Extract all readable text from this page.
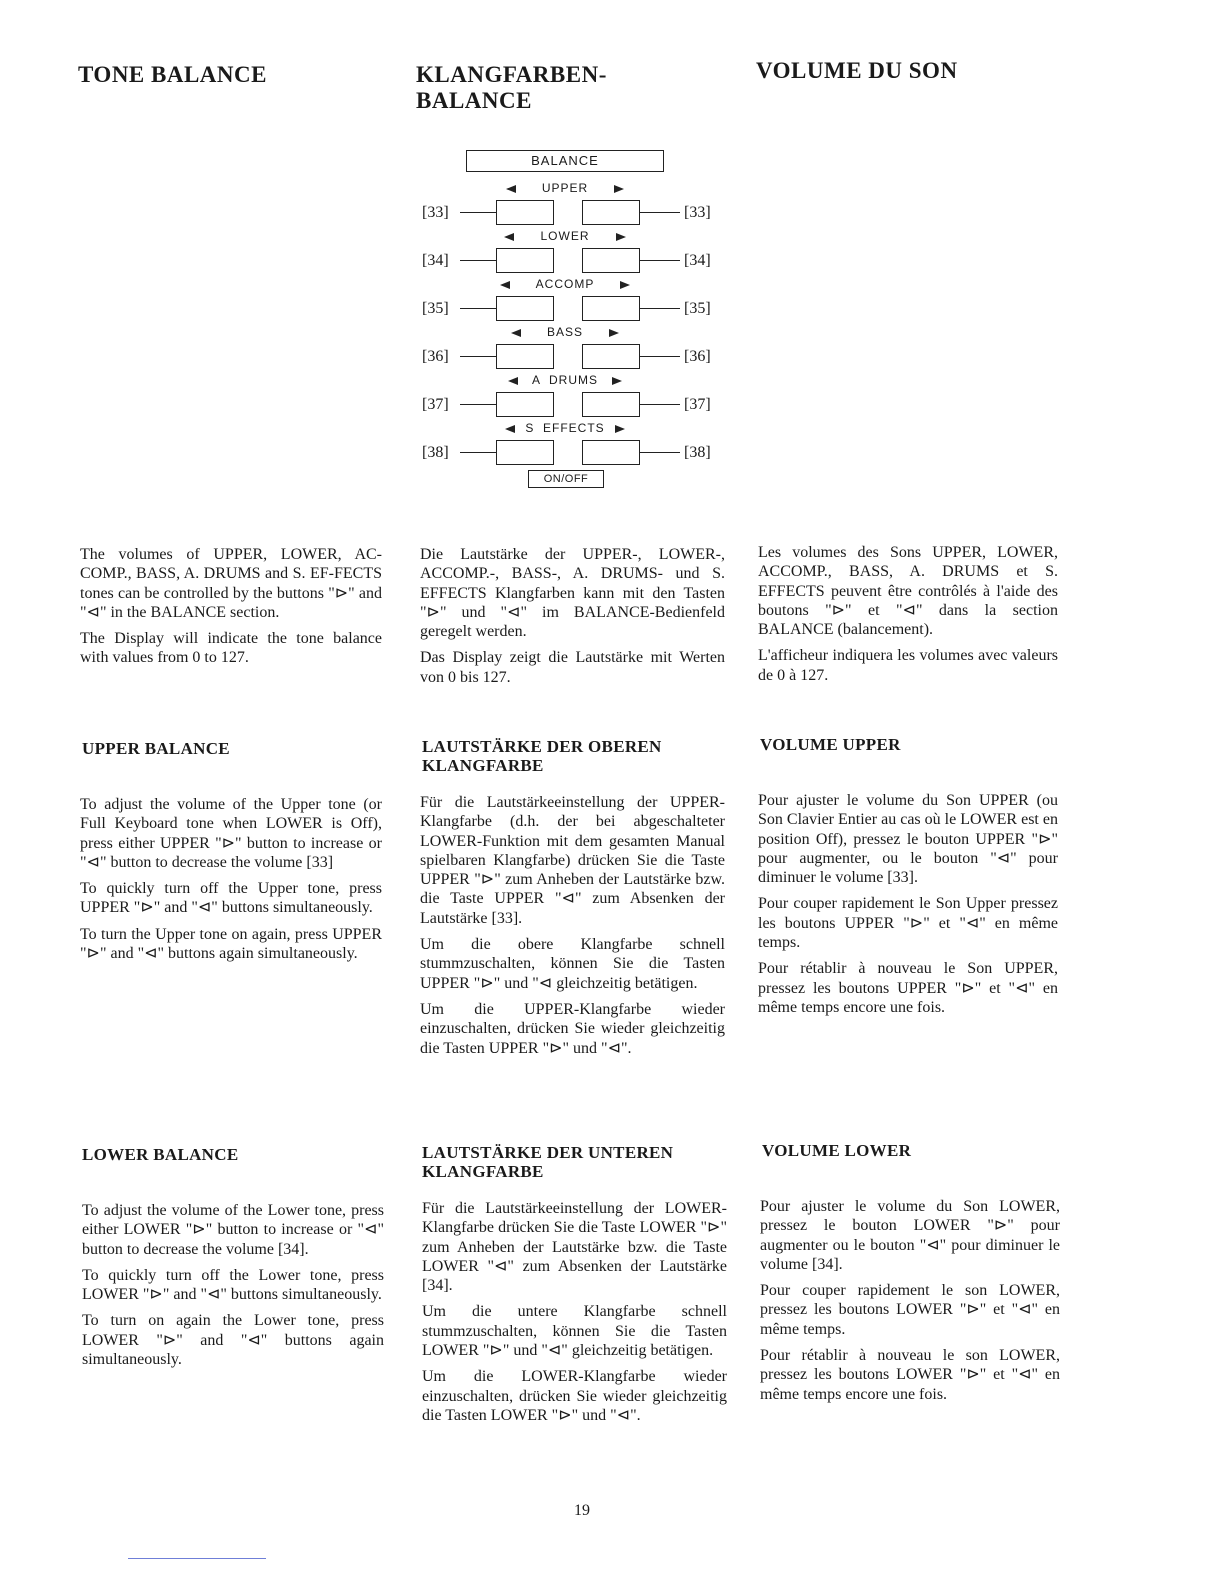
TONE BALANCE	KLANGFARBEN-
BALANCE
VOLUME DU SON
BALANCE
UPPER
[33]	[33]
LOWER
[34]	[34]
ACCOMP
[35]	[35]
BASS
[36]	[36]
A  DRUMS
[37]	[37]
S  EFFECTS
[38]	[38]
ON/OFF

The volumes of UPPER, LOWER, AC-COMP., BASS, A. DRUMS and S. EF-FECTS tones can be controlled by the buttons "⊳" and "⊲" in the BALANCE section.

The Display will indicate the tone balance with values from 0 to 127.

Die Lautstärke der UPPER-, LOWER-, ACCOMP.-, BASS-, A. DRUMS- und S. EFFECTS Klangfarben kann mit den Tasten "⊳" und "⊲" im BALANCE-Bedienfeld geregelt werden.

Das Display zeigt die Lautstärke mit Werten von 0 bis 127.

Les volumes des Sons UPPER, LOWER, ACCOMP., BASS, A. DRUMS et S. EFFECTS peuvent être contrôlés à l'aide des boutons "⊳" et "⊲" dans la section BALANCE (balancement).

L'afficheur indiquera les volumes avec valeurs de 0 à 127.

UPPER BALANCE	LAUTSTÄRKE DER OBEREN
KLANGFARBE
VOLUME UPPER

To adjust the volume of the Upper tone (or Full Keyboard tone when LOWER is Off), press either UPPER "⊳" button to increase or "⊲" button to decrease the volume [33]

To quickly turn off the Upper tone, press UPPER "⊳" and "⊲" buttons simultaneously.

To turn the Upper tone on again, press UPPER "⊳" and "⊲" buttons again simultaneously.

Für die Lautstärkeeinstellung der UPPER-Klangfarbe (d.h. der bei abgeschalteter LOWER-Funktion mit dem gesamten Manual spielbaren Klangfarbe) drücken Sie die Taste UPPER "⊳" zum Anheben der Lautstärke bzw. die Taste UPPER "⊲" zum Absenken der Lautstärke [33].

Um die obere Klangfarbe schnell stummzuschalten, können Sie die Tasten UPPER "⊳" und "⊲ gleichzeitig betätigen.

Um die UPPER-Klangfarbe wieder einzuschalten, drücken Sie wieder gleichzeitig die Tasten UPPER "⊳" und "⊲".

Pour ajuster le volume du Son UPPER (ou Son Clavier Entier au cas où le LOWER est en position Off), pressez le bouton UPPER "⊳" pour augmenter, ou le bouton "⊲" pour diminuer le volume [33].

Pour couper rapidement le Son Upper pressez les boutons UPPER "⊳" et "⊲" en même temps.

Pour rétablir à nouveau le Son UPPER, pressez les boutons UPPER "⊳" et "⊲" en même temps encore une fois.

LOWER BALANCE	LAUTSTÄRKE DER UNTEREN
KLANGFARBE
VOLUME LOWER

To adjust the volume of the Lower tone, press either LOWER "⊳" button to increase or "⊲" button to decrease the volume [34].

To quickly turn off the Lower tone, press LOWER "⊳" and "⊲" buttons simultaneously.

To turn on again the Lower tone, press LOWER "⊳" and "⊲" buttons again simultaneously.

Für die Lautstärkeeinstellung der LOWER-Klangfarbe drücken Sie die Taste LOWER "⊳" zum Anheben der Lautstärke bzw. die Taste LOWER "⊲" zum Absenken der Lautstärke [34].

Um die untere Klangfarbe schnell stummzuschalten, können Sie die Tasten LOWER "⊳" und "⊲" gleichzeitig betätigen.

Um die LOWER-Klangfarbe wieder einzuschalten, drücken Sie wieder gleichzeitig die Tasten LOWER "⊳" und "⊲".

Pour ajuster le volume du Son LOWER, pressez le bouton LOWER "⊳" pour augmenter ou le bouton "⊲" pour diminuer le volume [34].

Pour couper rapidement le son LOWER, pressez les boutons LOWER "⊳" et "⊲" en même temps.

Pour rétablir à nouveau le son LOWER, pressez les boutons LOWER "⊳" et "⊲" en même temps encore une fois.

19
